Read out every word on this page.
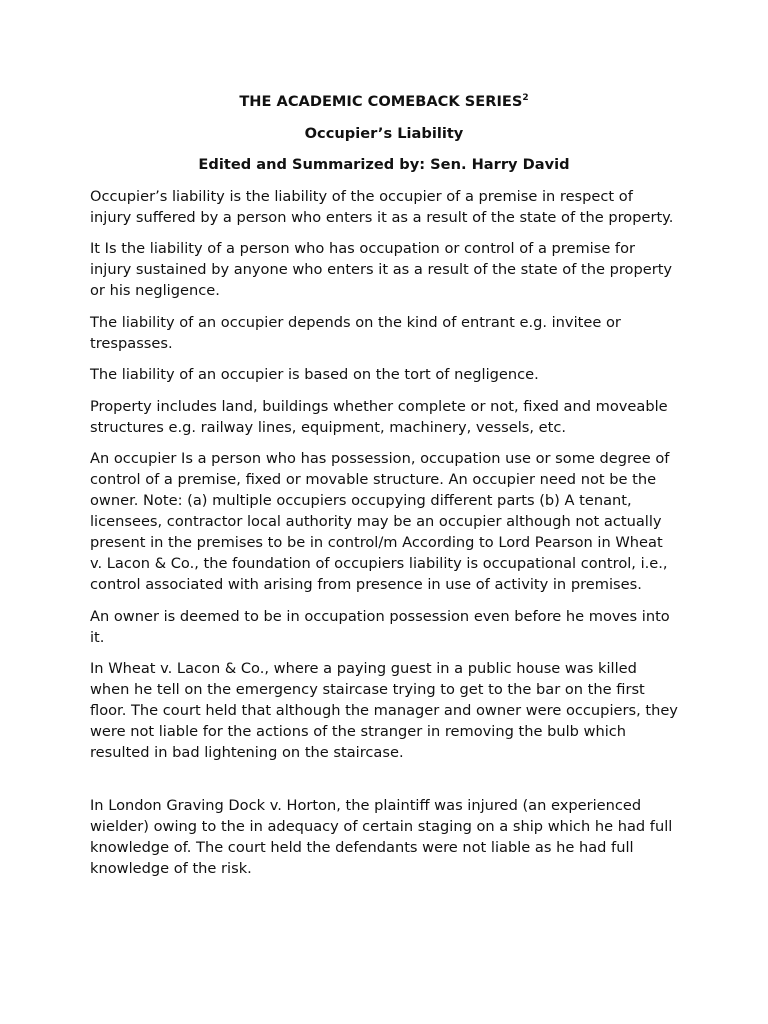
THE ACADEMIC COMEBACK SERIES$^2$
Occupier’s Liability
Edited and Summarized by: Sen. Harry David

Occupier’s liability is the liability of the occupier of a premise in respect of injury suffered by a person who enters it as a result of the state of the property.

It Is the liability of a person who has occupation or control of a premise for injury sustained by anyone who enters it as a result of the state of the property or his negligence.

The liability of an occupier depends on the kind of entrant e.g. invitee or trespasses.

The liability of an occupier is based on the tort of negligence.

Property includes land, buildings whether complete or not, fixed and moveable structures e.g. railway lines, equipment, machinery, vessels, etc.

An occupier Is a person who has possession, occupation use or some degree of control of a premise, fixed or movable structure. An occupier need not be the owner. Note: (a) multiple occupiers occupying different parts (b) A tenant, licensees, contractor local authority may be an occupier although not actually present in the premises to be in control/m According to Lord Pearson in Wheat v. Lacon & Co., the foundation of occupiers liability is occupational control, i.e., control associated with arising from presence in use of activity in premises.

An owner is deemed to be in occupation possession even before he moves into it.

In Wheat v. Lacon & Co., where a paying guest in a public house was killed when he tell on the emergency staircase trying to get to the bar on the first floor. The court held that although the manager and owner were occupiers, they were not liable for the actions of the stranger in removing the bulb which resulted in bad lightening on the staircase.

In London Graving Dock v. Horton, the plaintiff was injured (an experienced wielder) owing to the in adequacy of certain staging on a ship which he had full knowledge of. The court held the defendants were not liable as he had full knowledge of the risk.
